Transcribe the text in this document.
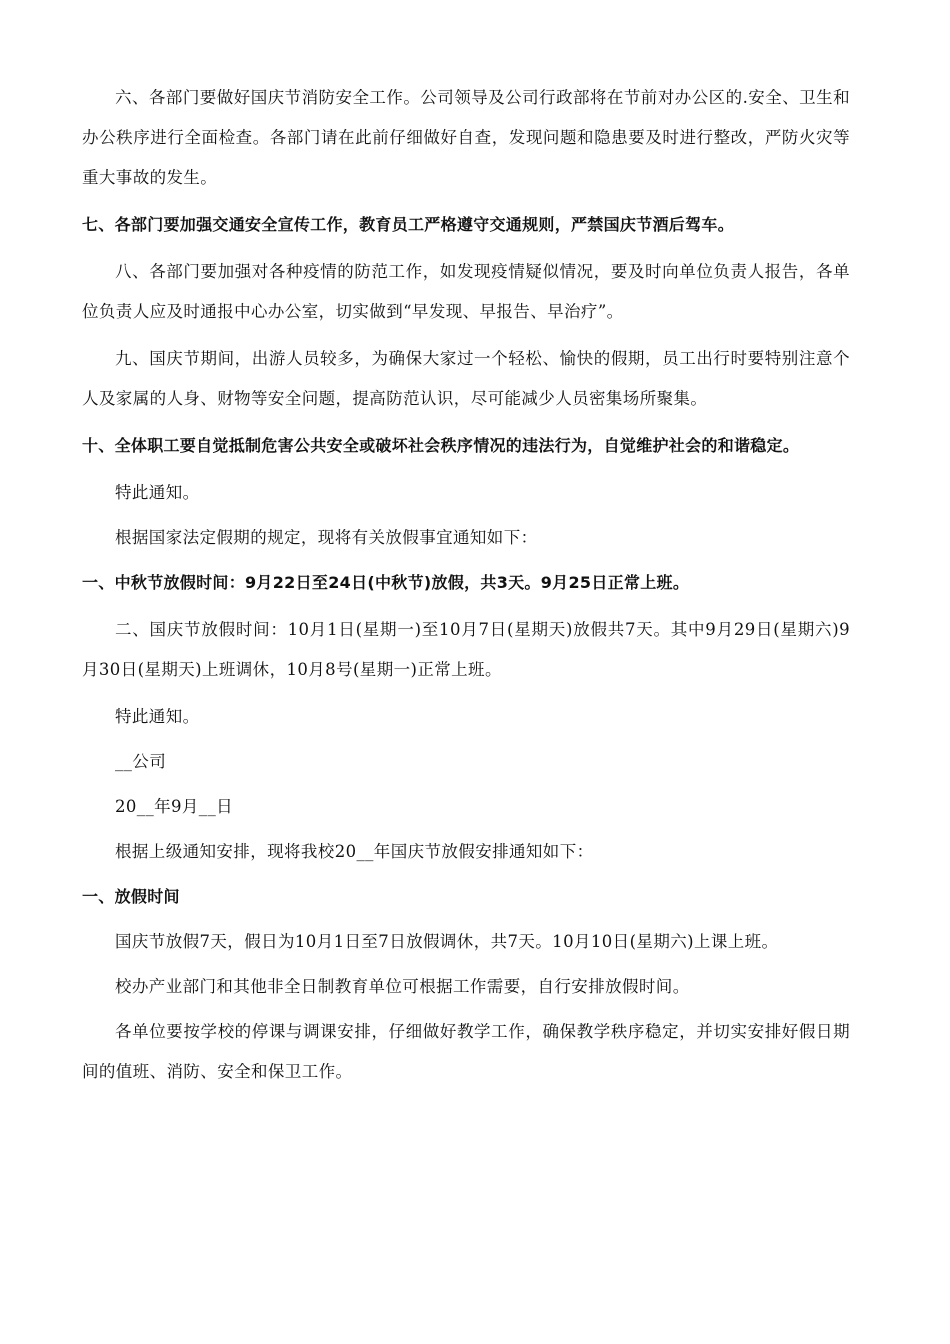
六、各部门要做好国庆节消防安全工作。公司领导及公司行政部将在节前对办公区的.安全、卫生和办公秩序进行全面检查。各部门请在此前仔细做好自查，发现问题和隐患要及时进行整改，严防火灾等重大事故的发生。

七、各部门要加强交通安全宣传工作，教育员工严格遵守交通规则，严禁国庆节酒后驾车。

八、各部门要加强对各种疫情的防范工作，如发现疫情疑似情况，要及时向单位负责人报告，各单位负责人应及时通报中心办公室，切实做到“早发现、早报告、早治疗”。

九、国庆节期间，出游人员较多，为确保大家过一个轻松、愉快的假期，员工出行时要特别注意个人及家属的人身、财物等安全问题，提高防范认识，尽可能减少人员密集场所聚集。

十、全体职工要自觉抵制危害公共安全或破坏社会秩序情况的违法行为，自觉维护社会的和谐稳定。

特此通知。

根据国家法定假期的规定，现将有关放假事宜通知如下：

一、中秋节放假时间：9月22日至24日(中秋节)放假，共3天。9月25日正常上班。

二、国庆节放假时间：10月1日(星期一)至10月7日(星期天)放假共7天。其中9月29日(星期六)9月30日(星期天)上班调休，10月8号(星期一)正常上班。

特此通知。

__公司

20__年9月__日

根据上级通知安排，现将我校20__年国庆节放假安排通知如下：

一、放假时间

国庆节放假7天，假日为10月1日至7日放假调休，共7天。10月10日(星期六)上课上班。

校办产业部门和其他非全日制教育单位可根据工作需要，自行安排放假时间。

各单位要按学校的停课与调课安排，仔细做好教学工作，确保教学秩序稳定，并切实安排好假日期间的值班、消防、安全和保卫工作。
